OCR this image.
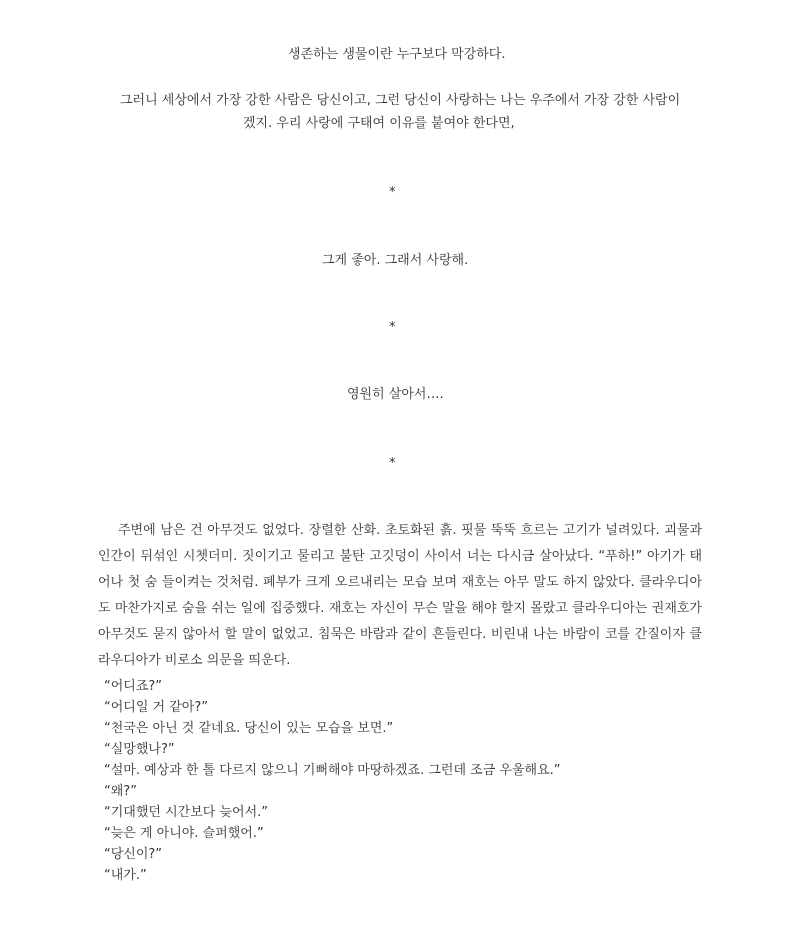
생존하는 생물이란 누구보다 막강하다.
그러니 세상에서 가장 강한 사람은 당신이고, 그런 당신이 사랑하는 나는 우주에서 가장 강한 사람이
겠지. 우리 사랑에 구태여 이유를 붙여야 한다면,
*
그게 좋아. 그래서 사랑해.
*
영원히 살아서….
*
주변에 남은 건 아무것도 없었다. 장렬한 산화. 초토화된 흙. 핏물 뚝뚝 흐르는 고기가 널려있다. 괴물과 인간이 뒤섞인 시쳇더미. 짓이기고 물리고 불탄 고깃덩이 사이서 너는 다시금 살아났다. “푸하!” 아기가 태어나 첫 숨 들이켜는 것처럼. 폐부가 크게 오르내리는 모습 보며 재호는 아무 말도 하지 않았다. 클라우디아도 마찬가지로 숨을 쉬는 일에 집중했다. 재호는 자신이 무슨 말을 해야 할지 몰랐고 클라우디아는 권재호가 아무것도 묻지 않아서 할 말이 없었고. 침묵은 바람과 같이 흔들린다. 비린내 나는 바람이 코를 간질이자 클라우디아가 비로소 의문을 띄운다.
“어디죠?”
“어디일 거 같아?”
“천국은 아닌 것 같네요. 당신이 있는 모습을 보면.”
“실망했나?”
“설마. 예상과 한 톨 다르지 않으니 기뻐해야 마땅하겠죠. 그런데 조금 우울해요.”
“왜?”
“기대했던 시간보다 늦어서.”
“늦은 게 아니야. 슬퍼했어.”
“당신이?”
“내가.”
